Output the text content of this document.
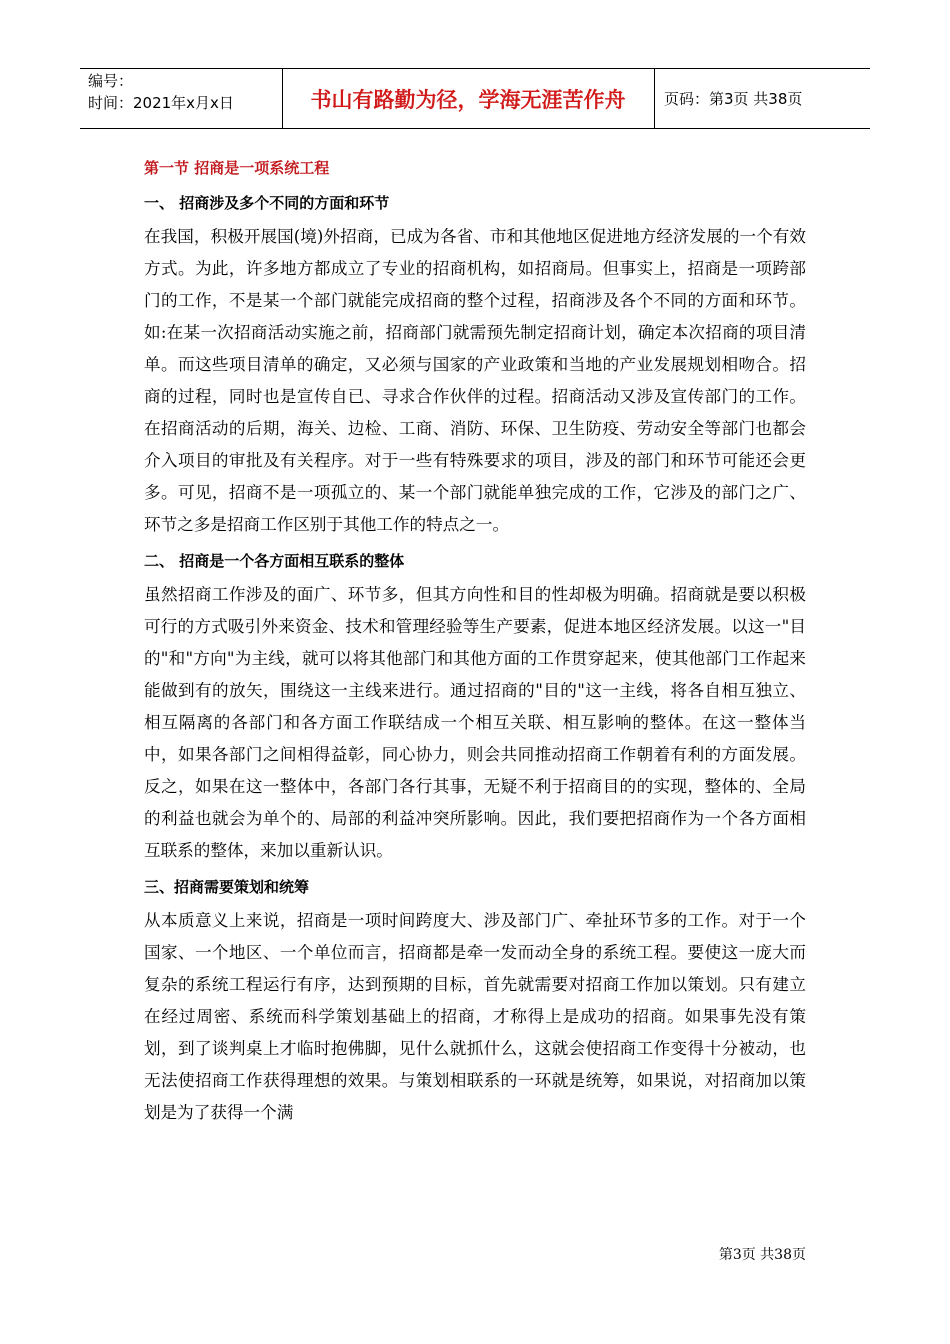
编号：
时间：2021年x月x日	书山有路勤为径，学海无涯苦作舟	页码：第3页 共38页
第一节 招商是一项系统工程
一、 招商涉及多个不同的方面和环节

在我国，积极开展国(境)外招商，已成为各省、市和其他地区促进地方经济发展的一个有效方式。为此，许多地方都成立了专业的招商机构，如招商局。但事实上，招商是一项跨部门的工作，不是某一个部门就能完成招商的整个过程，招商涉及各个不同的方面和环节。如:在某一次招商活动实施之前，招商部门就需预先制定招商计划，确定本次招商的项目清单。而这些项目清单的确定，又必须与国家的产业政策和当地的产业发展规划相吻合。招商的过程，同时也是宣传自已、寻求合作伙伴的过程。招商活动又涉及宣传部门的工作。在招商活动的后期，海关、边检、工商、消防、环保、卫生防疫、劳动安全等部门也都会介入项目的审批及有关程序。对于一些有特殊要求的项目，涉及的部门和环节可能还会更多。可见，招商不是一项孤立的、某一个部门就能单独完成的工作，它涉及的部门之广、环节之多是招商工作区别于其他工作的特点之一。

二、 招商是一个各方面相互联系的整体

虽然招商工作涉及的面广、环节多，但其方向性和目的性却极为明确。招商就是要以积极可行的方式吸引外来资金、技术和管理经验等生产要素，促进本地区经济发展。以这一"目的"和"方向"为主线，就可以将其他部门和其他方面的工作贯穿起来，使其他部门工作起来能做到有的放矢，围绕这一主线来进行。通过招商的"目的"这一主线，将各自相互独立、相互隔离的各部门和各方面工作联结成一个相互关联、相互影响的整体。在这一整体当中，如果各部门之间相得益彰，同心协力，则会共同推动招商工作朝着有利的方面发展。反之，如果在这一整体中，各部门各行其事，无疑不利于招商目的的实现，整体的、全局的利益也就会为单个的、局部的利益冲突所影响。因此，我们要把招商作为一个各方面相互联系的整体，来加以重新认识。

三、招商需要策划和统筹

从本质意义上来说，招商是一项时间跨度大、涉及部门广、牵扯环节多的工作。对于一个国家、一个地区、一个单位而言，招商都是牵一发而动全身的系统工程。要使这一庞大而复杂的系统工程运行有序，达到预期的目标，首先就需要对招商工作加以策划。只有建立在经过周密、系统而科学策划基础上的招商，才称得上是成功的招商。如果事先没有策划，到了谈判桌上才临时抱佛脚，见什么就抓什么，这就会使招商工作变得十分被动，也无法使招商工作获得理想的效果。与策划相联系的一环就是统筹，如果说，对招商加以策划是为了获得一个满

第3页 共38页
